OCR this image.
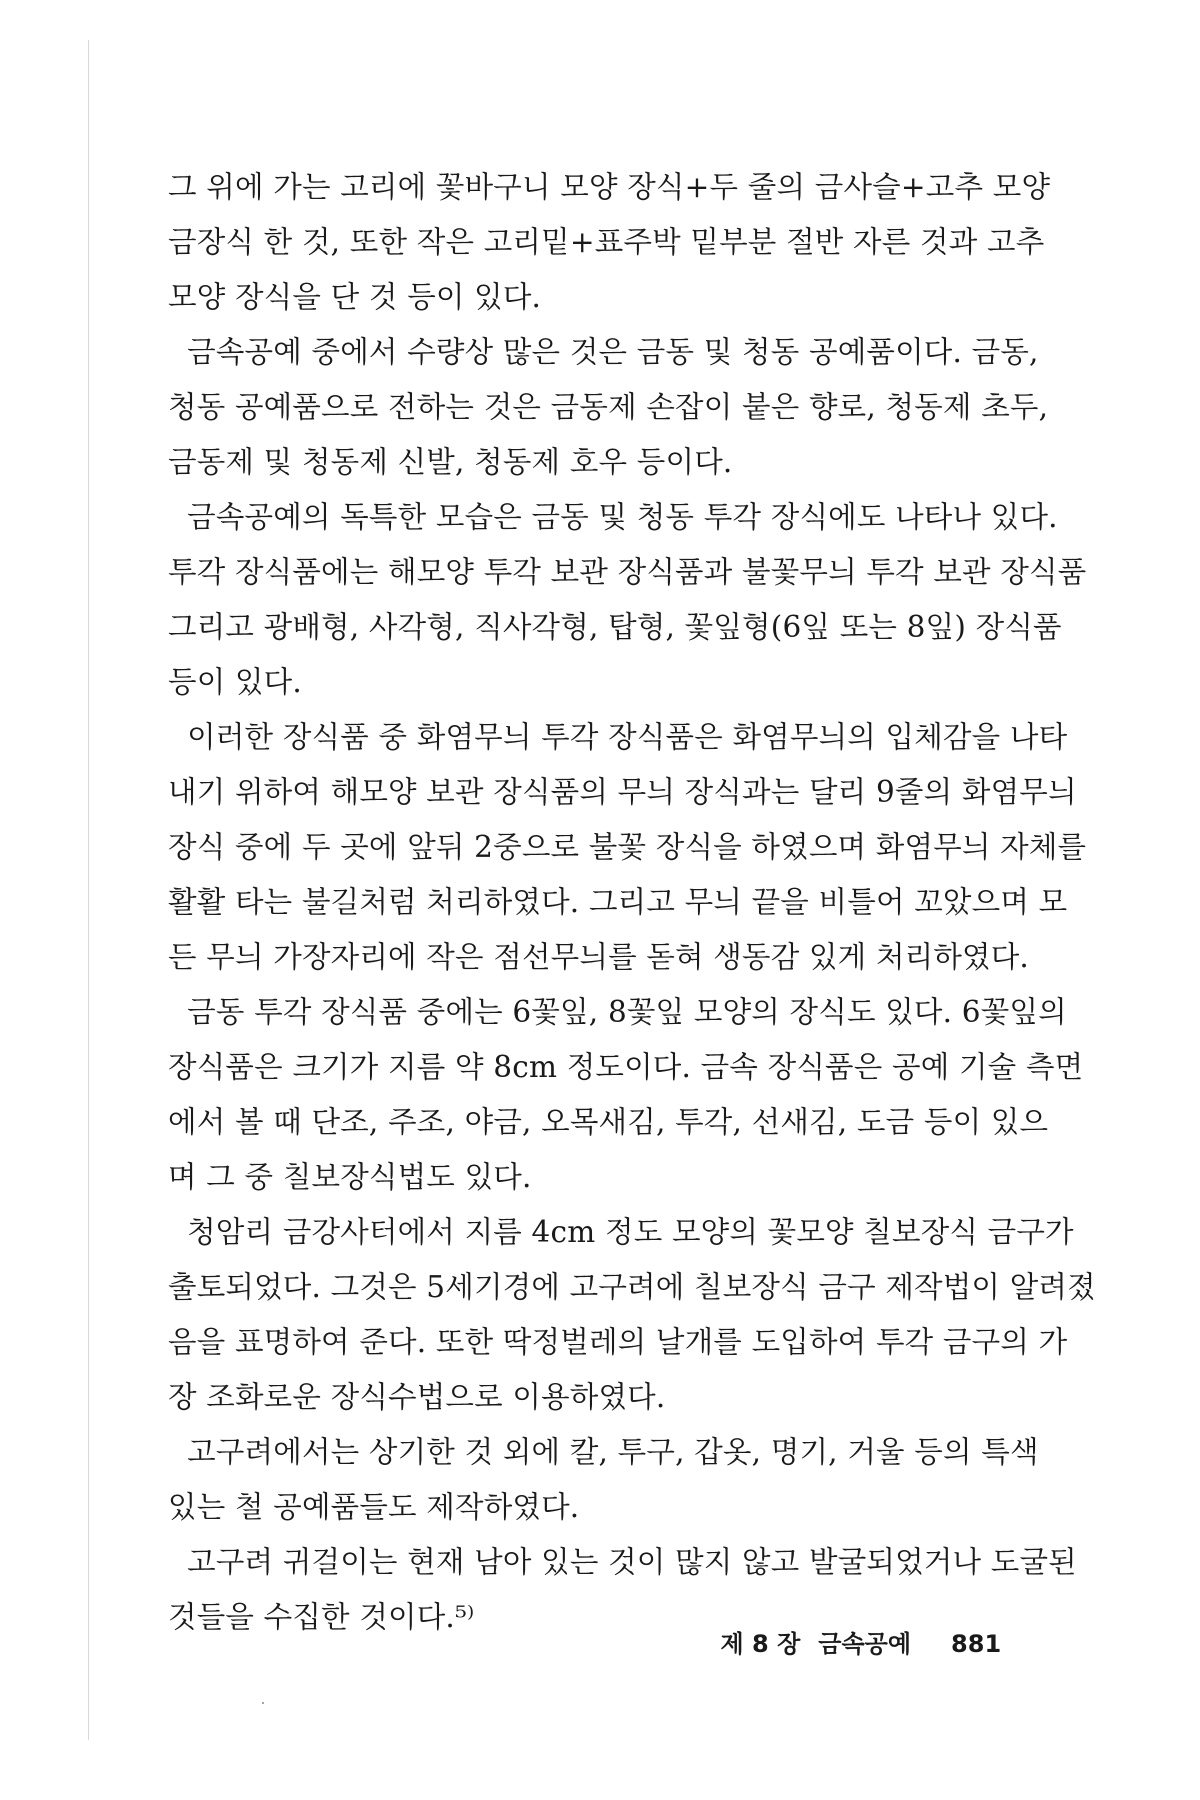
그 위에 가는 고리에 꽃바구니 모양 장식+두 줄의 금사슬+고추 모양
금장식 한 것, 또한 작은 고리밑+표주박 밑부분 절반 자른 것과 고추
모양 장식을 단 것 등이 있다.
금속공예 중에서 수량상 많은 것은 금동 및 청동 공예품이다. 금동,
청동 공예품으로 전하는 것은 금동제 손잡이 붙은 향로, 청동제 초두,
금동제 및 청동제 신발, 청동제 호우 등이다.
금속공예의 독특한 모습은 금동 및 청동 투각 장식에도 나타나 있다.
투각 장식품에는 해모양 투각 보관 장식품과 불꽃무늬 투각 보관 장식품
그리고 광배형, 사각형, 직사각형, 탑형, 꽃잎형(6잎 또는 8잎) 장식품
등이 있다.
이러한 장식품 중 화염무늬 투각 장식품은 화염무늬의 입체감을 나타
내기 위하여 해모양 보관 장식품의 무늬 장식과는 달리 9줄의 화염무늬
장식 중에 두 곳에 앞뒤 2중으로 불꽃 장식을 하였으며 화염무늬 자체를
활활 타는 불길처럼 처리하였다. 그리고 무늬 끝을 비틀어 꼬았으며 모
든 무늬 가장자리에 작은 점선무늬를 돋혀 생동감 있게 처리하였다.
금동 투각 장식품 중에는 6꽃잎, 8꽃잎 모양의 장식도 있다. 6꽃잎의
장식품은 크기가 지름 약 8cm 정도이다. 금속 장식품은 공예 기술 측면
에서 볼 때 단조, 주조, 야금, 오목새김, 투각, 선새김, 도금 등이 있으
며 그 중 칠보장식법도 있다.
청암리 금강사터에서 지름 4cm 정도 모양의 꽃모양 칠보장식 금구가
출토되었다. 그것은 5세기경에 고구려에 칠보장식 금구 제작법이 알려졌
음을 표명하여 준다. 또한 딱정벌레의 날개를 도입하여 투각 금구의 가
장 조화로운 장식수법으로 이용하였다.
고구려에서는 상기한 것 외에 칼, 투구, 갑옷, 명기, 거울 등의 특색
있는 철 공예품들도 제작하였다.
고구려 귀걸이는 현재 남아 있는 것이 많지 않고 발굴되었거나 도굴된
것들을 수집한 것이다.⁵⁾

제 8 장 금속공예 881
